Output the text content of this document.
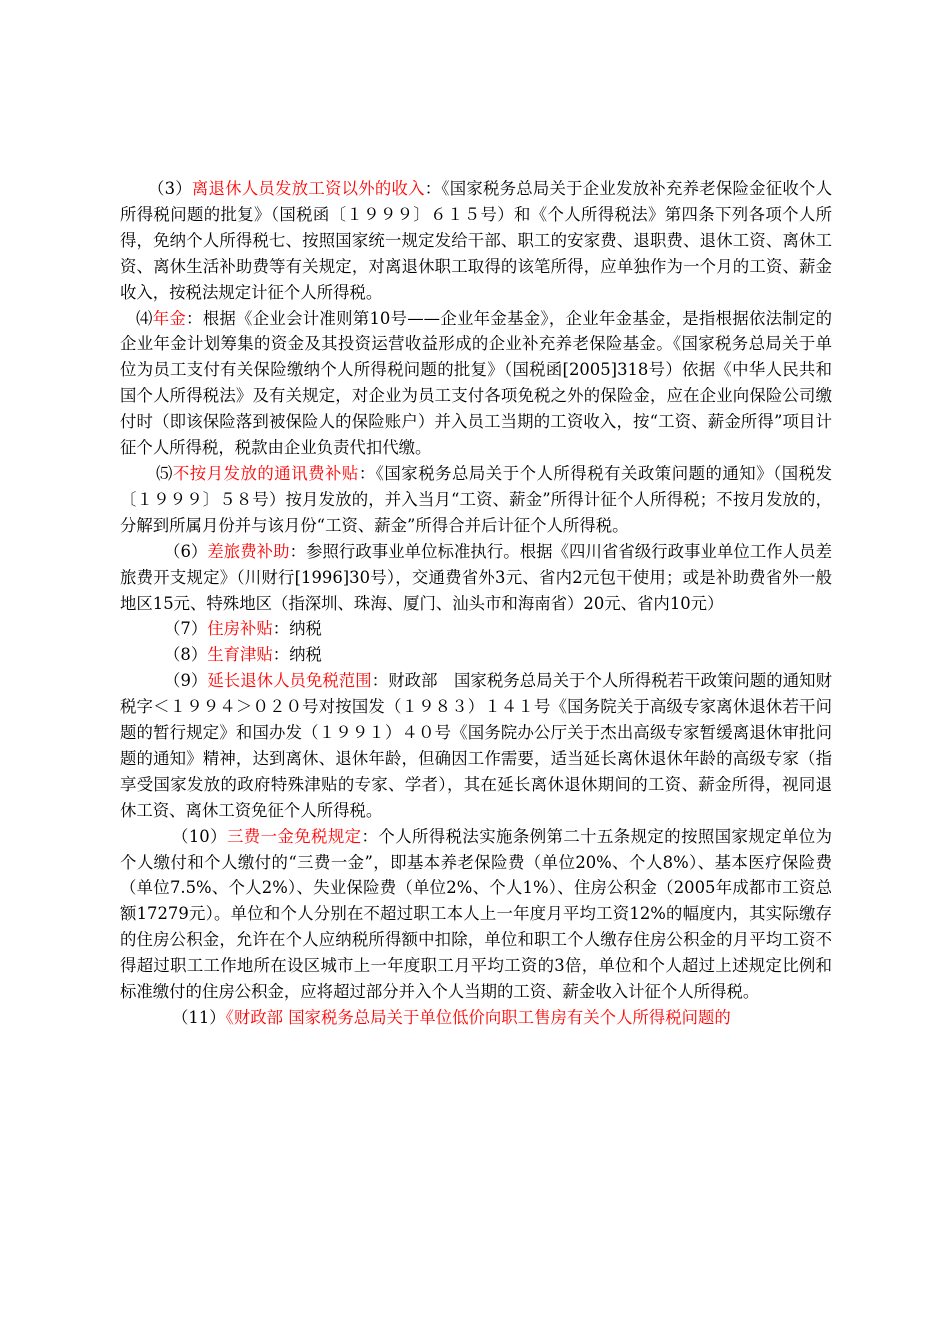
（3）离退休人员发放工资以外的收入：《国家税务总局关于企业发放补充养老保险金征收个人所得税问题的批复》（国税函〔１９９９〕６１５号）和《个人所得税法》第四条下列各项个人所得，免纳个人所得税七、按照国家统一规定发给干部、职工的安家费、退职费、退休工资、离休工资、离休生活补助费等有关规定，对离退休职工取得的该笔所得，应单独作为一个月的工资、薪金收入，按税法规定计征个人所得税。

⑷年金：根据《企业会计准则第10号——企业年金基金》，企业年金基金，是指根据依法制定的企业年金计划筹集的资金及其投资运营收益形成的企业补充养老保险基金。《国家税务总局关于单位为员工支付有关保险缴纳个人所得税问题的批复》（国税函[2005]318号）依据《中华人民共和国个人所得税法》及有关规定，对企业为员工支付各项免税之外的保险金，应在企业向保险公司缴付时（即该保险落到被保险人的保险账户）并入员工当期的工资收入，按“工资、薪金所得”项目计征个人所得税，税款由企业负责代扣代缴。

⑸不按月发放的通讯费补贴：《国家税务总局关于个人所得税有关政策问题的通知》（国税发〔１９９９〕５８号）按月发放的，并入当月“工资、薪金”所得计征个人所得税；不按月发放的，分解到所属月份并与该月份“工资、薪金”所得合并后计征个人所得税。

（6）差旅费补助：参照行政事业单位标准执行。根据《四川省省级行政事业单位工作人员差旅费开支规定》（川财行[1996]30号），交通费省外3元、省内2元包干使用；或是补助费省外一般地区15元、特殊地区（指深圳、珠海、厦门、汕头市和海南省）20元、省内10元）

（7）住房补贴：纳税

（8）生育津贴：纳税

（9）延长退休人员免税范围：财政部　国家税务总局关于个人所得税若干政策问题的通知财税字＜１９９４＞０２０号对按国发（１９８３）１４１号《国务院关于高级专家离休退休若干问题的暂行规定》和国办发（１９９１）４０号《国务院办公厅关于杰出高级专家暂缓离退休审批问题的通知》精神，达到离休、退休年龄，但确因工作需要，适当延长离休退休年龄的高级专家（指享受国家发放的政府特殊津贴的专家、学者），其在延长离休退休期间的工资、薪金所得，视同退休工资、离休工资免征个人所得税。

（10）三费一金免税规定：个人所得税法实施条例第二十五条规定的按照国家规定单位为个人缴付和个人缴付的“三费一金”，即基本养老保险费（单位20%、个人8%）、基本医疗保险费（单位7.5%、个人2%）、失业保险费（单位2%、个人1%）、住房公积金（2005年成都市工资总额17279元）。单位和个人分别在不超过职工本人上一年度月平均工资12%的幅度内，其实际缴存的住房公积金，允许在个人应纳税所得额中扣除，单位和职工个人缴存住房公积金的月平均工资不得超过职工工作地所在设区城市上一年度职工月平均工资的3倍，单位和个人超过上述规定比例和标准缴付的住房公积金，应将超过部分并入个人当期的工资、薪金收入计征个人所得税。

（11）《财政部 国家税务总局关于单位低价向职工售房有关个人所得税问题的
